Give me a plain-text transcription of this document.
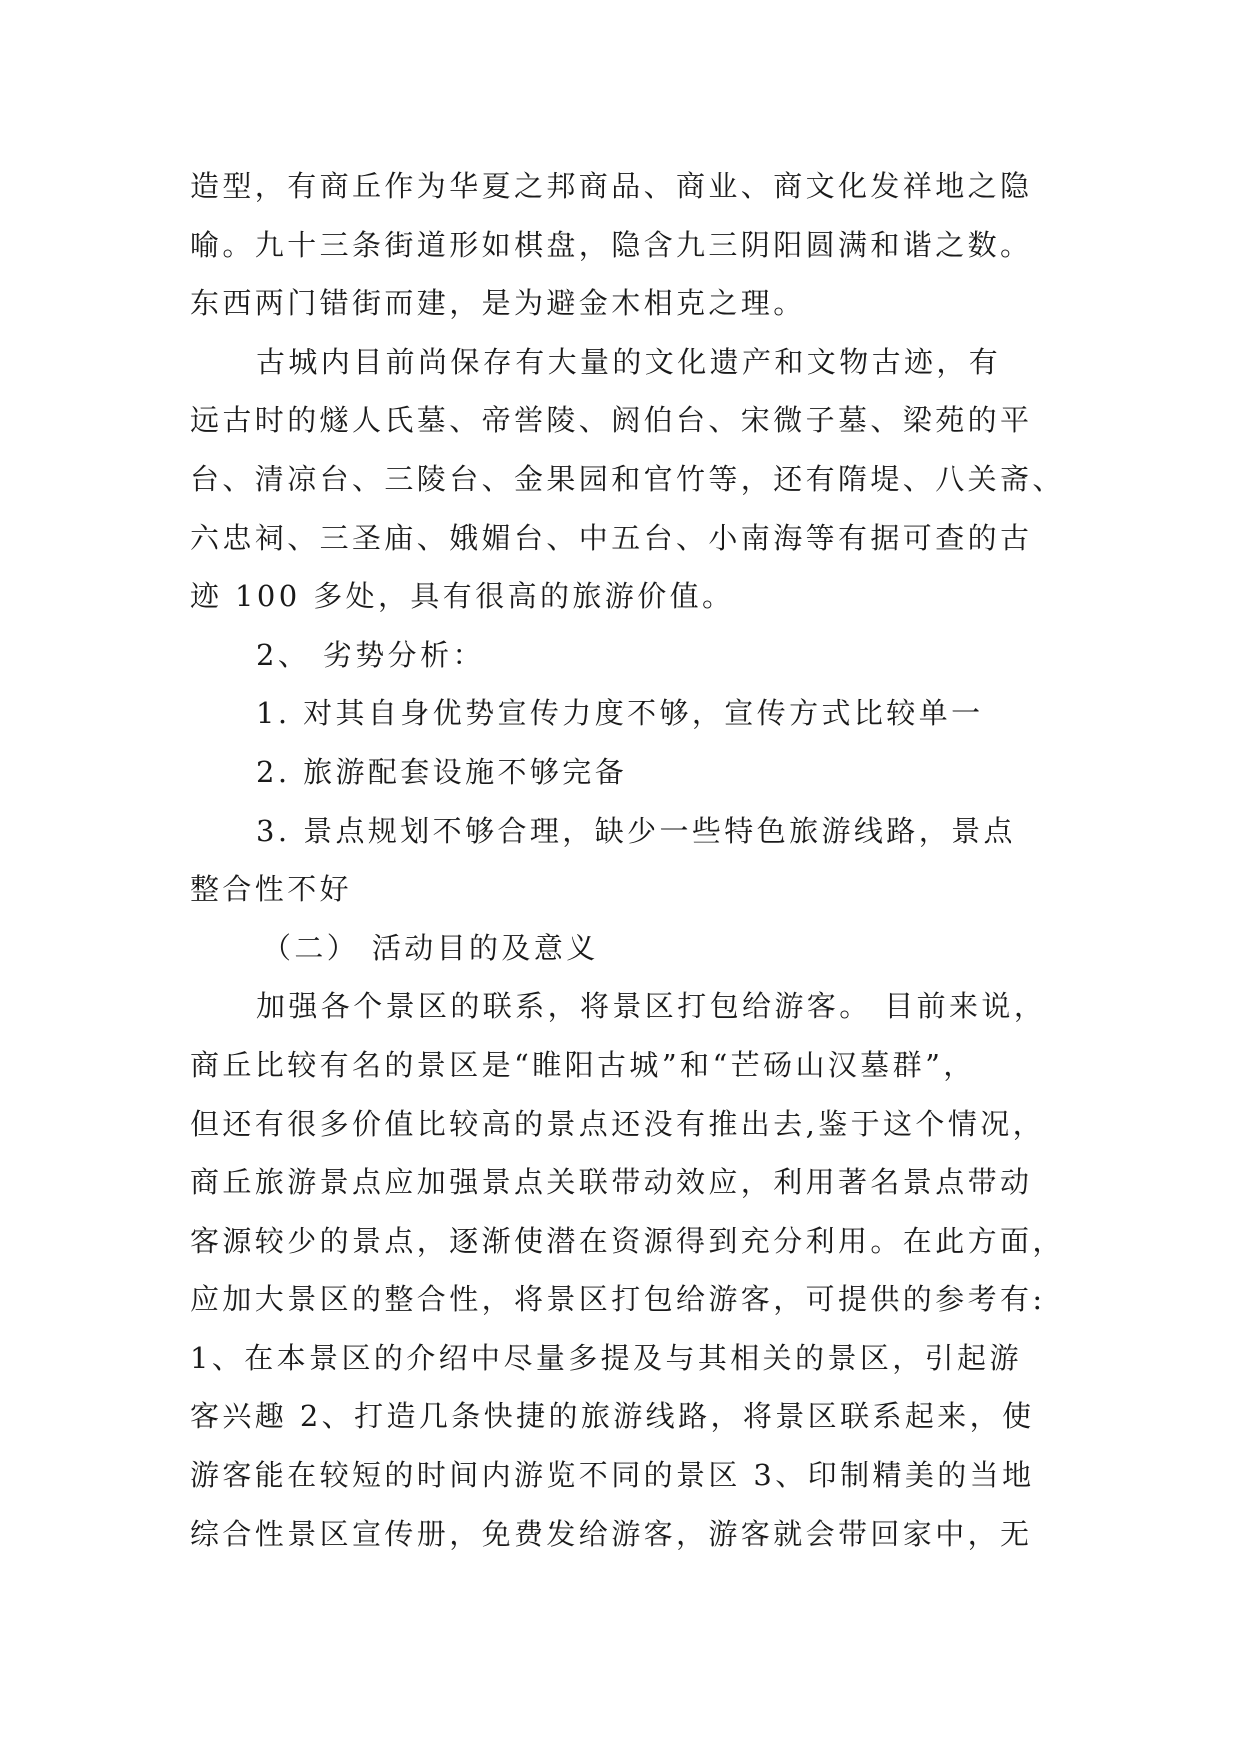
造型，有商丘作为华夏之邦商品、商业、商文化发祥地之隐
喻。九十三条街道形如棋盘，隐含九三阴阳圆满和谐之数。
东西两门错街而建，是为避金木相克之理。
古城内目前尚保存有大量的文化遗产和文物古迹，有
远古时的燧人氏墓、帝喾陵、阏伯台、宋微子墓、梁苑的平
台、清凉台、三陵台、金果园和官竹等，还有隋堤、八关斋、
六忠祠、三圣庙、娥媚台、中五台、小南海等有据可查的古
迹 100 多处，具有很高的旅游价值。
2、 劣势分析：
1. 对其自身优势宣传力度不够，宣传方式比较单一
2. 旅游配套设施不够完备
3. 景点规划不够合理，缺少一些特色旅游线路，景点
整合性不好
（二） 活动目的及意义
加强各个景区的联系，将景区打包给游客。 目前来说，
商丘比较有名的景区是“睢阳古城”和“芒砀山汉墓群”，
但还有很多价值比较高的景点还没有推出去,鉴于这个情况，
商丘旅游景点应加强景点关联带动效应，利用著名景点带动
客源较少的景点，逐渐使潜在资源得到充分利用。在此方面，
应加大景区的整合性，将景区打包给游客，可提供的参考有:
1、在本景区的介绍中尽量多提及与其相关的景区，引起游
客兴趣 2、打造几条快捷的旅游线路，将景区联系起来，使
游客能在较短的时间内游览不同的景区 3、印制精美的当地
综合性景区宣传册，免费发给游客，游客就会带回家中，无
